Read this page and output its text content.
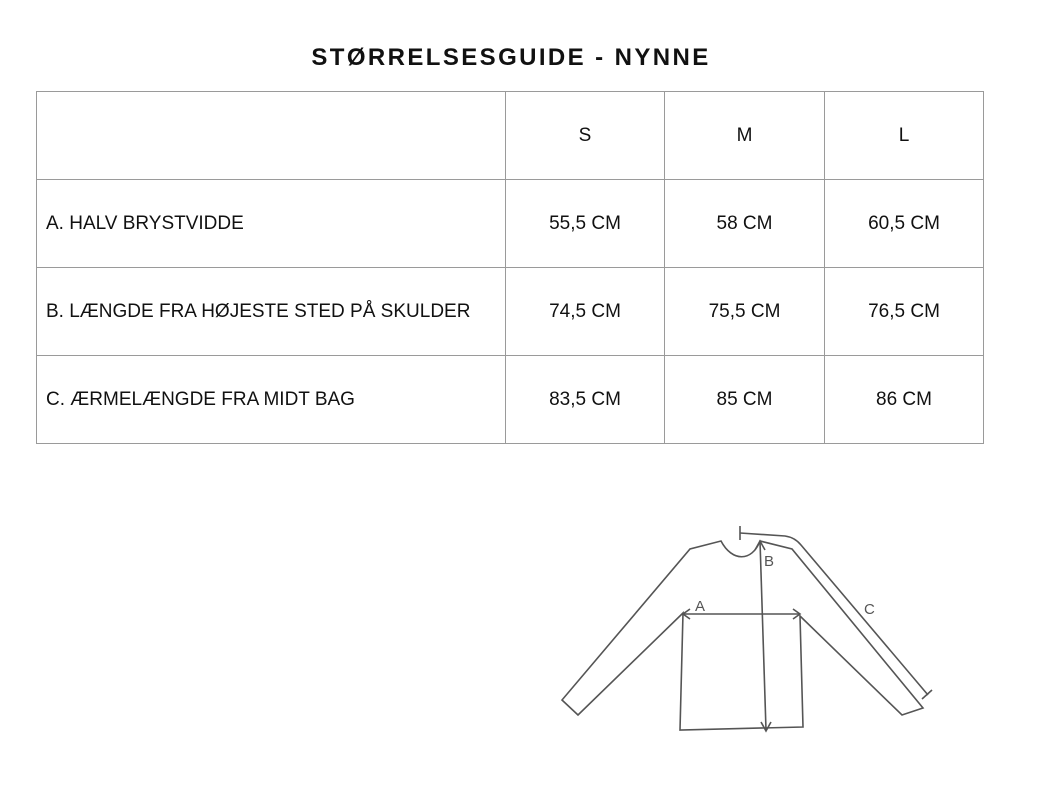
STØRRELSESGUIDE - NYNNE
	S	M	L
A. HALV BRYSTVIDDE	55,5 CM	58 CM	60,5 CM
B. LÆNGDE FRA HØJESTE STED PÅ SKULDER	74,5 CM	75,5 CM	76,5 CM
C. ÆRMELÆNGDE FRA MIDT BAG	83,5 CM	85 CM	86 CM
A
B
C
